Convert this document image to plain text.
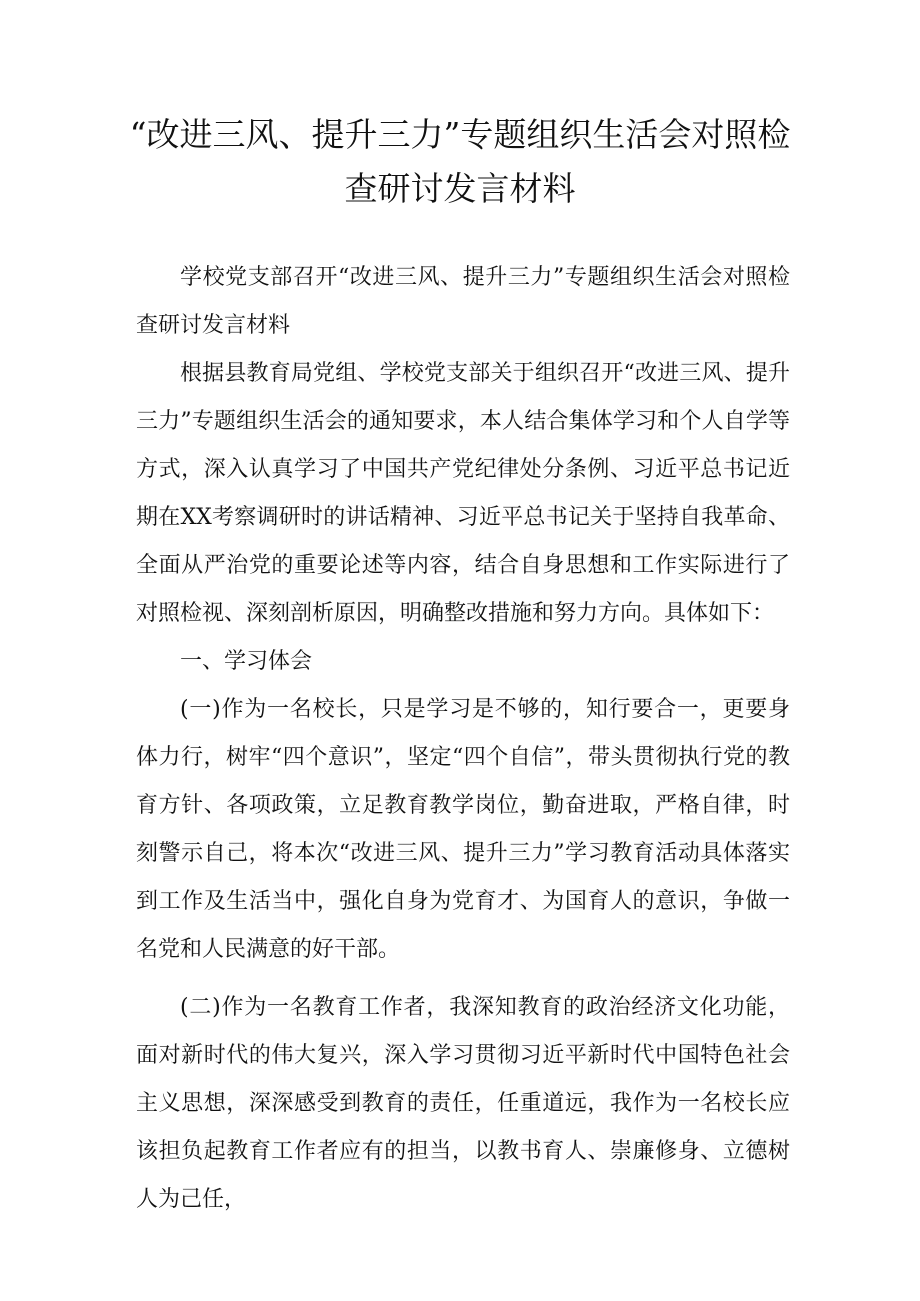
“改进三风、提升三力”专题组织生活会对照检查研讨发言材料

学校党支部召开“改进三风、提升三力”专题组织生活会对照检查研讨发言材料

根据县教育局党组、学校党支部关于组织召开“改进三风、提升三力”专题组织生活会的通知要求，本人结合集体学习和个人自学等方式，深入认真学习了中国共产党纪律处分条例、习近平总书记近期在XX考察调研时的讲话精神、习近平总书记关于坚持自我革命、全面从严治党的重要论述等内容，结合自身思想和工作实际进行了对照检视、深刻剖析原因，明确整改措施和努力方向。具体如下：

一、学习体会

(一)作为一名校长，只是学习是不够的，知行要合一，更要身体力行，树牢“四个意识”，坚定“四个自信”，带头贯彻执行党的教育方针、各项政策，立足教育教学岗位，勤奋进取，严格自律，时刻警示自己，将本次“改进三风、提升三力”学习教育活动具体落实到工作及生活当中，强化自身为党育才、为国育人的意识，争做一名党和人民满意的好干部。

(二)作为一名教育工作者，我深知教育的政治经济文化功能，面对新时代的伟大复兴，深入学习贯彻习近平新时代中国特色社会主义思想，深深感受到教育的责任，任重道远，我作为一名校长应该担负起教育工作者应有的担当，以教书育人、崇廉修身、立德树人为己任，
